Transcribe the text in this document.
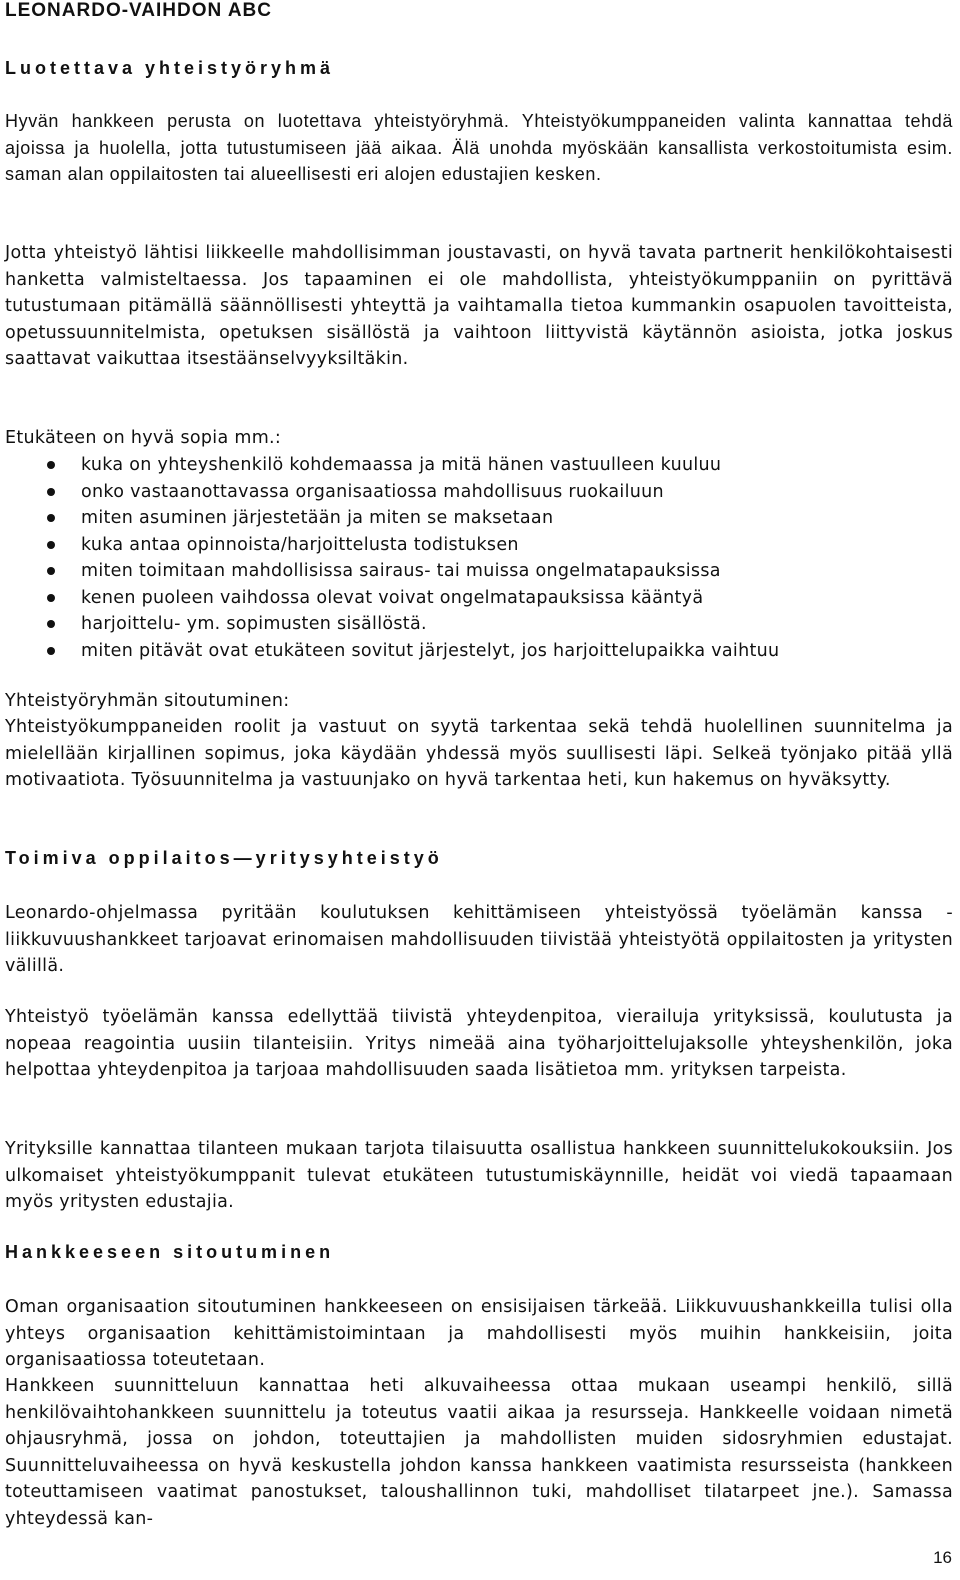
LEONARDO-VAIHDON ABC
Luotettava yhteistyöryhmä

Hyvän hankkeen perusta on luotettava yhteistyöryhmä. Yhteistyökumppaneiden valinta kannattaa tehdä ajoissa ja huolella, jotta tutustumiseen jää aikaa. Älä unohda myöskään kansallista verkostoitumista esim. saman alan oppilaitosten tai alueellisesti eri alojen edustajien kesken.

Jotta yhteistyö lähtisi liikkeelle mahdollisimman joustavasti, on hyvä tavata partnerit henkilökohtaisesti hanketta valmisteltaessa. Jos tapaaminen ei ole mahdollista, yhteistyökumppaniin on pyrittävä tutustumaan pitämällä säännöllisesti yhteyttä ja vaihtamalla tietoa kummankin osapuolen tavoitteista, opetussuunnitelmista, opetuksen sisällöstä ja vaihtoon liittyvistä käytännön asioista, jotka joskus saattavat vaikuttaa itsestäänselvyyksiltäkin.

Etukäteen on hyvä sopia mm.:

kuka on yhteyshenkilö kohdemaassa ja mitä hänen vastuulleen kuuluu
onko vastaanottavassa organisaatiossa mahdollisuus ruokailuun
miten asuminen järjestetään ja miten se maksetaan
kuka antaa opinnoista/harjoittelusta todistuksen
miten toimitaan mahdollisissa sairaus- tai muissa ongelmatapauksissa
kenen puoleen vaihdossa olevat voivat ongelmatapauksissa kääntyä
harjoittelu- ym. sopimusten sisällöstä.
miten pitävät ovat etukäteen sovitut järjestelyt, jos harjoittelupaikka vaihtuu

Yhteistyöryhmän sitoutuminen:

Yhteistyökumppaneiden roolit ja vastuut on syytä tarkentaa sekä tehdä huolellinen suunnitelma ja mielellään kirjallinen sopimus, joka käydään yhdessä myös suullisesti läpi. Selkeä työnjako pitää yllä motivaatiota. Työsuunnitelma ja vastuunjako on hyvä tarkentaa heti, kun hakemus on hyväksytty.

Toimiva oppilaitos—yritysyhteistyö

Leonardo-ohjelmassa pyritään koulutuksen kehittämiseen yhteistyössä työelämän kanssa - liikkuvuushankkeet tarjoavat erinomaisen mahdollisuuden tiivistää yhteistyötä oppilaitosten ja yritysten välillä.

Yhteistyö työelämän kanssa edellyttää tiivistä yhteydenpitoa, vierailuja yrityksissä, koulutusta ja nopeaa reagointia uusiin tilanteisiin. Yritys nimeää aina työharjoittelujaksolle yhteyshenkilön, joka helpottaa yhteydenpitoa ja tarjoaa mahdollisuuden saada lisätietoa mm. yrityksen tarpeista.

Yrityksille kannattaa tilanteen mukaan tarjota tilaisuutta osallistua hankkeen suunnittelukokouksiin. Jos ulkomaiset yhteistyökumppanit tulevat etukäteen tutustumiskäynnille, heidät voi viedä tapaamaan myös yritysten edustajia.

Hankkeeseen sitoutuminen

Oman organisaation sitoutuminen hankkeeseen on ensisijaisen tärkeää. Liikkuvuushankkeilla tulisi olla yhteys organisaation kehittämistoimintaan ja mahdollisesti myös muihin hankkeisiin, joita organisaatiossa toteutetaan.

Hankkeen suunnitteluun kannattaa heti alkuvaiheessa ottaa mukaan useampi henkilö, sillä henkilövaihtohankkeen suunnittelu ja toteutus vaatii aikaa ja resursseja. Hankkeelle voidaan nimetä ohjausryhmä, jossa on johdon, toteuttajien ja mahdollisten muiden sidosryhmien edustajat. Suunnitteluvaiheessa on hyvä keskustella johdon kanssa hankkeen vaatimista resursseista (hankkeen toteuttamiseen vaatimat panostukset, taloushallinnon tuki, mahdolliset tilatarpeet jne.). Samassa yhteydessä kan-

16
